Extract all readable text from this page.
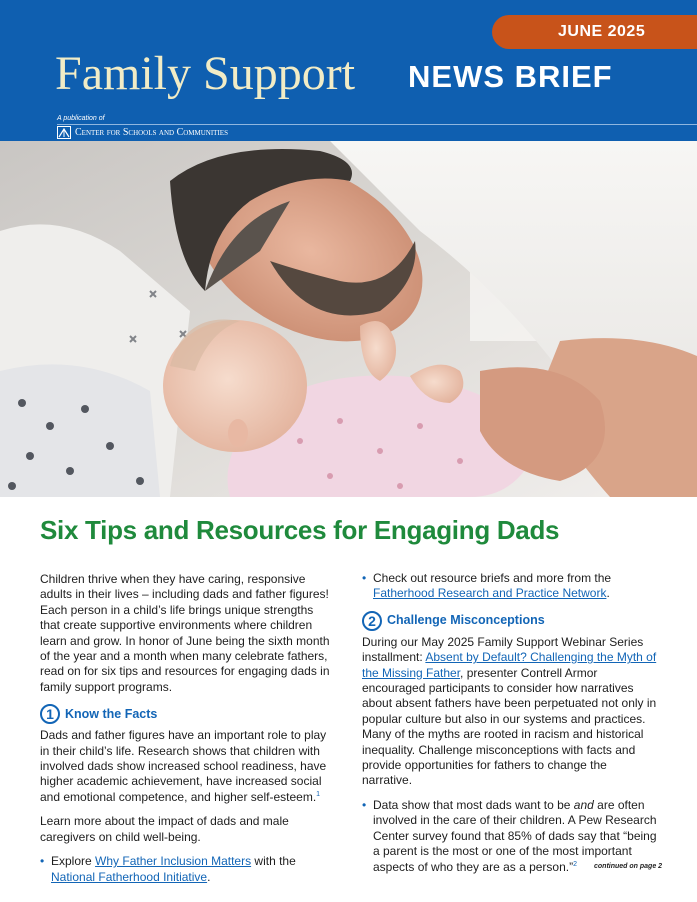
JUNE 2025
Family Support NEWS BRIEF
A publication of
Center for Schools and Communities
Six Tips and Resources for Engaging Dads

Children thrive when they have caring, responsive adults in their lives – including dads and father figures! Each person in a child’s life brings unique strengths that create supportive environments where children learn and grow. In honor of June being the sixth month of the year and a month when many celebrate fathers, read on for six tips and resources for engaging dads in family support programs.

1 Know the Facts

Dads and father figures have an important role to play in their child’s life. Research shows that children with involved dads show increased school readiness, have higher academic achievement, have increased social and emotional competence, and higher self-esteem.$^1$

Learn more about the impact of dads and male caregivers on child well-being.

• Explore Why Father Inclusion Matters with the National Fatherhood Initiative.
• Check out resource briefs and more from the Fatherhood Research and Practice Network.
2 Challenge Misconceptions

During our May 2025 Family Support Webinar Series installment: Absent by Default? Challenging the Myth of the Missing Father, presenter Contrell Armor encouraged participants to consider how narratives about absent fathers have been perpetuated not only in popular culture but also in our systems and practices. Many of the myths are rooted in racism and historical inequality. Challenge misconceptions with facts and provide opportunities for fathers to change the narrative.

• Data show that most dads want to be and are often involved in the care of their children. A Pew Research Center survey found that 85% of dads say that “being a parent is the most or one of the most important aspects of who they are as a person.”$^2$	continued on page 2
